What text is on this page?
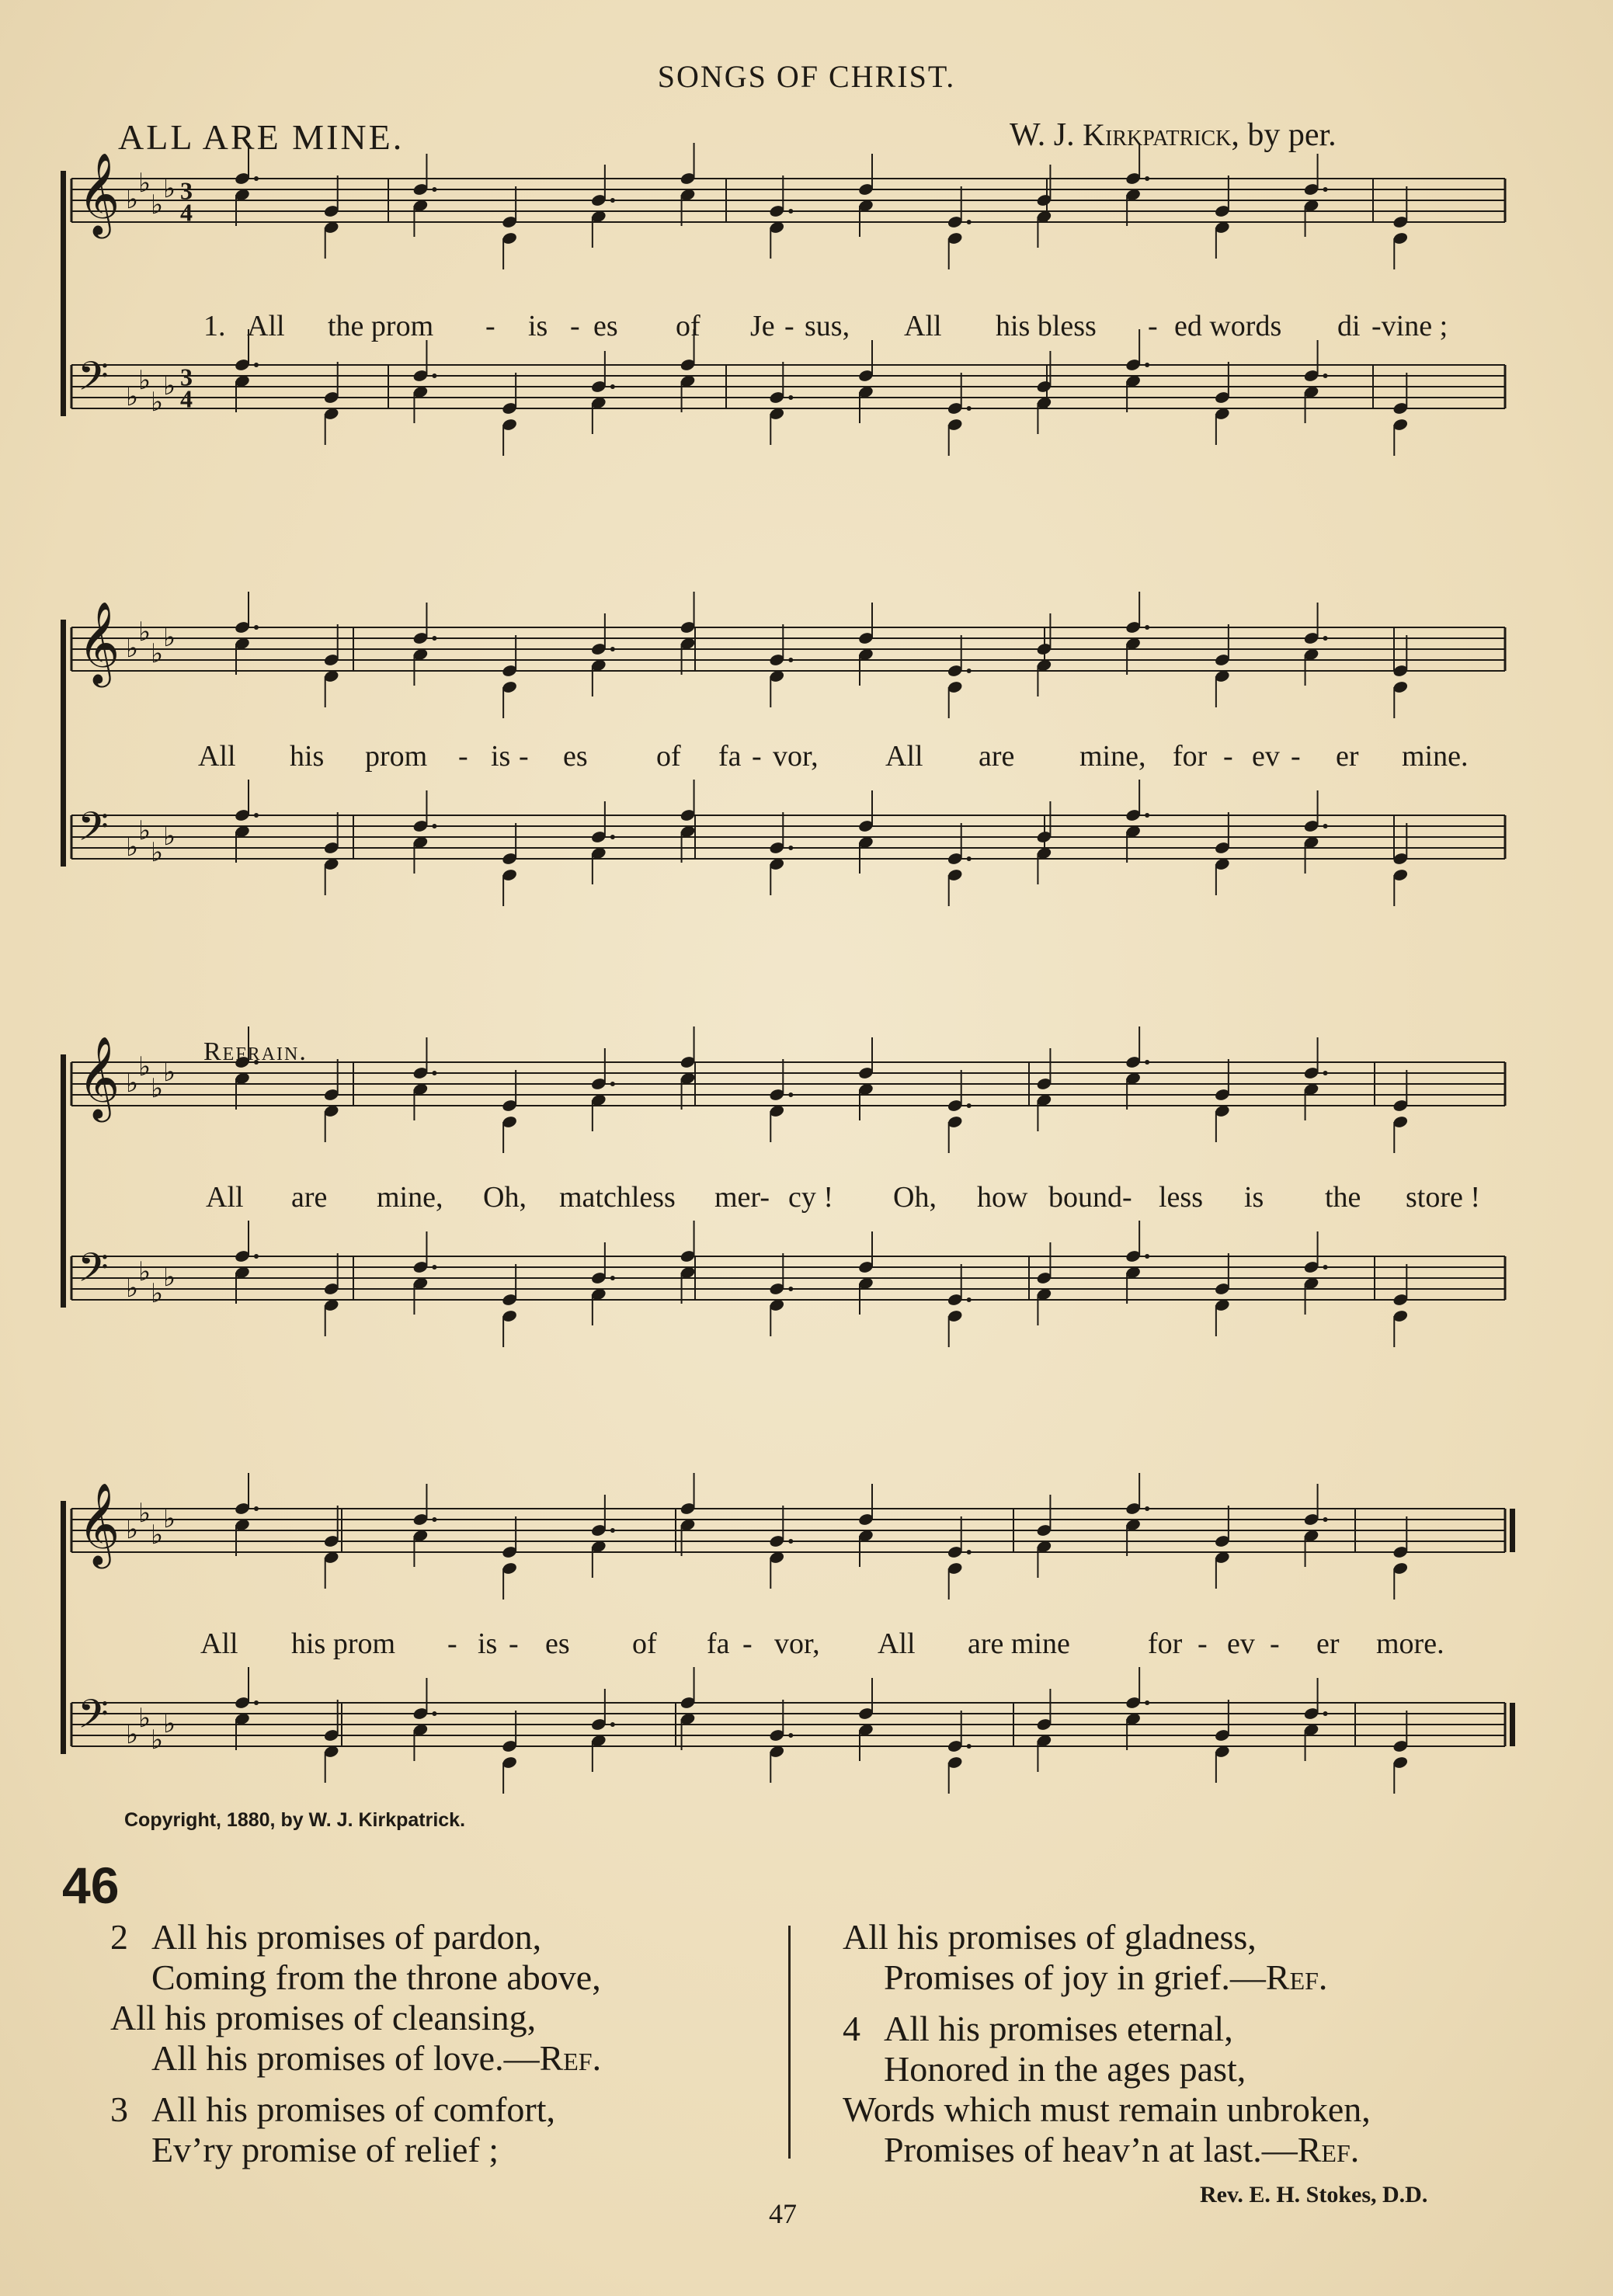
SONGS OF CHRIST.
ALL ARE MINE.	W. J. Kirkpatrick, by per.
𝄞 ♭
♭
♭
♭ 3
4
𝄢 ♭
♭
♭
♭ 3
4
𝄞 ♭
♭
♭
♭
𝄢 ♭
♭
♭
♭
𝄞 ♭
♭
♭
♭
𝄢 ♭
♭
♭
♭
𝄞 ♭
♭
♭
♭
𝄢 ♭
♭
♭
♭
1. All the prom - is - es of Je - sus, All his bless - ed words di -vine ;
All his prom - is - es of fa - vor, All are mine, for - ev - er mine.
Refrain.
All are mine, Oh, matchless mer- cy ! Oh, how bound- less is the store !
All his prom - is - es of fa - vor, All are mine	for - ev - er more.
Copyright, 1880, by W. J. Kirkpatrick.
46
2 All his promises of pardon,
Coming from the throne above,
All his promises of cleansing,
All his promises of love.—Ref.
3 All his promises of comfort,
Ev’ry promise of relief ;
All his promises of gladness,
Promises of joy in grief.—Ref.
4 All his promises eternal,
Honored in the ages past,
Words which must remain unbroken,
Promises of heav’n at last.—Ref.
Rev. E. H. Stokes, D.D.
47
